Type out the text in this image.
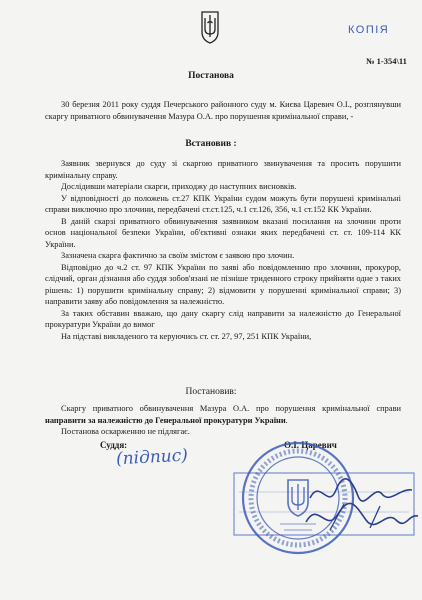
КОПІЯ
№ 1-354\11
Постанова

30 березня 2011 року суддя Печерського районного суду м. Києва Царевич О.І., розглянувши скаргу приватного обвинувачення Мазура О.А. про порушення кримінальної справи, -

Встановив :

Заявник звернувся до суду зі скаргою приватного звинувачення та просить порушити кримінальну справу.

Дослідивши матеріали скарги, приходжу до наступних висновків.

У відповідності до положень ст.27 КПК України судом можуть бути порушені кримінальні справи виключно про злочини, передбачені ст.ст.125, ч.1 ст.126, 356, ч.1 ст.152 КК України.

В даній скарзі приватного обвинувачення заявником вказані посилання на злочини проти основ національної безпеки України, об'єктивні ознаки яких передбачені ст. ст. 109-114 КК України.

Зазначена скарга фактично за своїм змістом є заявою про злочин.

Відповідно до ч.2 ст. 97 КПК України по заяві або повідомленню про злочини, прокурор, слідчий, орган дізнання або суддя зобов'язані не пізніше триденного строку прийняти одне з таких рішень: 1) порушити кримінальну справу; 2) відмовити у порушенні кримінальної справи; 3) направити заяву або повідомлення за належністю.

За таких обставин вважаю, що дану скаргу слід направити за належністю до Генеральної прокуратури України до вимог

На підставі викладеного та керуючись ст. ст. 27, 97, 251 КПК України,

Постановив:

Скаргу приватного обвинувачення Мазура О.А. про порушення кримінальної справи направити за належністю до Генеральної прокуратури України.

Постанова оскарженню не підлягає.

Суддя:
(підпис)
О.І. Царевич
